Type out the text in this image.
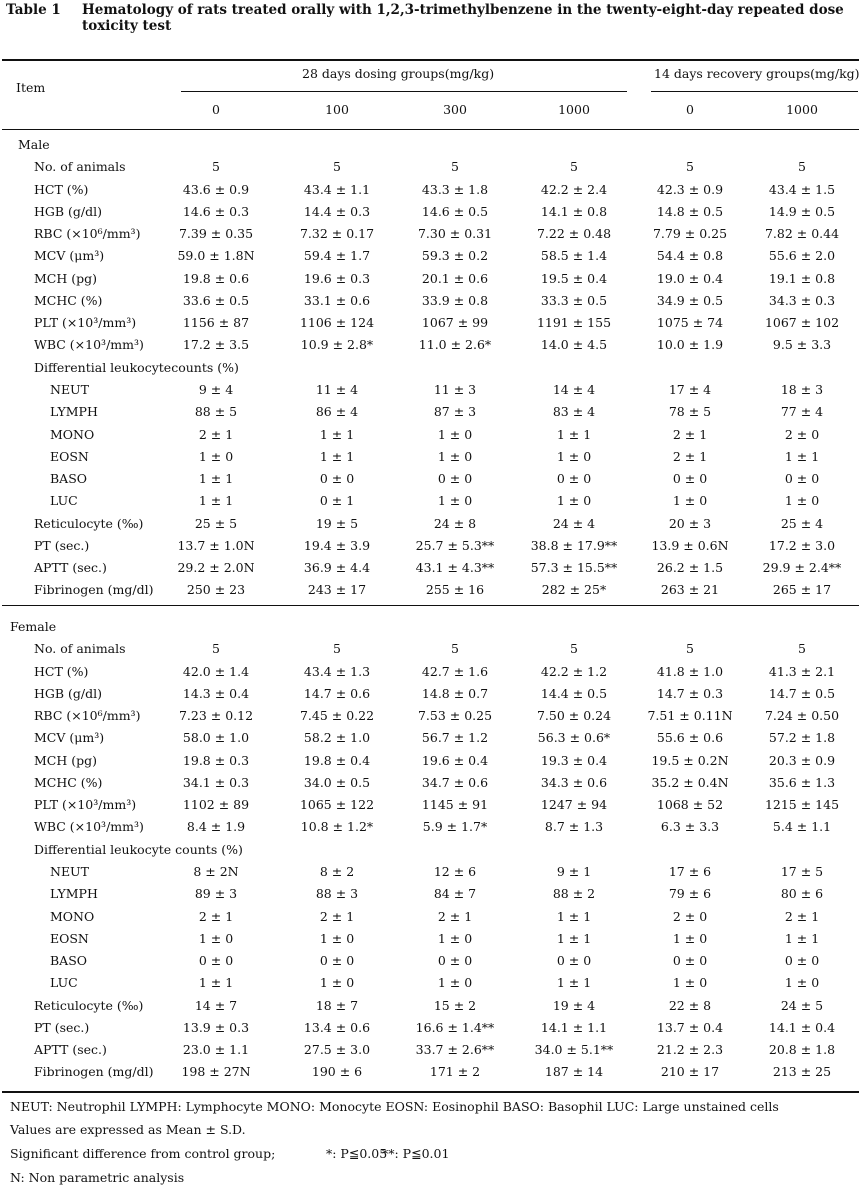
Table 1	Hematology of rats treated orally with 1,2,3-trimethylbenzene in the twenty-eight-day repeated dose toxicity test
Item
28 days dosing groups(mg/kg)	14 days recovery groups(mg/kg)
0	100	300	1000	0	1000
Male
No. of animals	5	5	5	5	5	5
HCT (%)	43.6 ± 0.9	43.4 ± 1.1	43.3 ± 1.8	42.2 ± 2.4	42.3 ± 0.9	43.4 ± 1.5
HGB (g/dl)	14.6 ± 0.3	14.4 ± 0.3	14.6 ± 0.5	14.1 ± 0.8	14.8 ± 0.5	14.9 ± 0.5
RBC (×10⁶/mm³)	7.39 ± 0.35	7.32 ± 0.17	7.30 ± 0.31	7.22 ± 0.48	7.79 ± 0.25	7.82 ± 0.44
MCV (μm³)	59.0 ± 1.8N	59.4 ± 1.7	59.3 ± 0.2	58.5 ± 1.4	54.4 ± 0.8	55.6 ± 2.0
MCH (pg)	19.8 ± 0.6	19.6 ± 0.3	20.1 ± 0.6	19.5 ± 0.4	19.0 ± 0.4	19.1 ± 0.8
MCHC (%)	33.6 ± 0.5	33.1 ± 0.6	33.9 ± 0.8	33.3 ± 0.5	34.9 ± 0.5	34.3 ± 0.3
PLT (×10³/mm³)	1156 ± 87	1106 ± 124	1067 ± 99	1191 ± 155	1075 ± 74	1067 ± 102
WBC (×10³/mm³)	17.2 ± 3.5	10.9 ± 2.8*	11.0 ± 2.6*	14.0 ± 4.5	10.0 ± 1.9	9.5 ± 3.3
Differential leukocytecounts (%)
NEUT	9 ± 4	11 ± 4	11 ± 3	14 ± 4	17 ± 4	18 ± 3
LYMPH	88 ± 5	86 ± 4	87 ± 3	83 ± 4	78 ± 5	77 ± 4
MONO	2 ± 1	1 ± 1	1 ± 0	1 ± 1	2 ± 1	2 ± 0
EOSN	1 ± 0	1 ± 1	1 ± 0	1 ± 0	2 ± 1	1 ± 1
BASO	1 ± 1	0 ± 0	0 ± 0	0 ± 0	0 ± 0	0 ± 0
LUC	1 ± 1	0 ± 1	1 ± 0	1 ± 0	1 ± 0	1 ± 0
Reticulocyte (‰)	25 ± 5	19 ± 5	24 ± 8	24 ± 4	20 ± 3	25 ± 4
PT (sec.)	13.7 ± 1.0N	19.4 ± 3.9	25.7 ± 5.3**	38.8 ± 17.9**	13.9 ± 0.6N	17.2 ± 3.0
APTT (sec.)	29.2 ± 2.0N	36.9 ± 4.4	43.1 ± 4.3**	57.3 ± 15.5**	26.2 ± 1.5	29.9 ± 2.4**
Fibrinogen (mg/dl)	250 ± 23	243 ± 17	255 ± 16	282 ± 25*	263 ± 21	265 ± 17
Female
No. of animals	5	5	5	5	5	5
HCT (%)	42.0 ± 1.4	43.4 ± 1.3	42.7 ± 1.6	42.2 ± 1.2	41.8 ± 1.0	41.3 ± 2.1
HGB (g/dl)	14.3 ± 0.4	14.7 ± 0.6	14.8 ± 0.7	14.4 ± 0.5	14.7 ± 0.3	14.7 ± 0.5
RBC (×10⁶/mm³)	7.23 ± 0.12	7.45 ± 0.22	7.53 ± 0.25	7.50 ± 0.24	7.51 ± 0.11N	7.24 ± 0.50
MCV (μm³)	58.0 ± 1.0	58.2 ± 1.0	56.7 ± 1.2	56.3 ± 0.6*	55.6 ± 0.6	57.2 ± 1.8
MCH (pg)	19.8 ± 0.3	19.8 ± 0.4	19.6 ± 0.4	19.3 ± 0.4	19.5 ± 0.2N	20.3 ± 0.9
MCHC (%)	34.1 ± 0.3	34.0 ± 0.5	34.7 ± 0.6	34.3 ± 0.6	35.2 ± 0.4N	35.6 ± 1.3
PLT (×10³/mm³)	1102 ± 89	1065 ± 122	1145 ± 91	1247 ± 94	1068 ± 52	1215 ± 145
WBC (×10³/mm³)	8.4 ± 1.9	10.8 ± 1.2*	5.9 ± 1.7*	8.7 ± 1.3	6.3 ± 3.3	5.4 ± 1.1
Differential leukocyte counts (%)
NEUT	8 ± 2N	8 ± 2	12 ± 6	9 ± 1	17 ± 6	17 ± 5
LYMPH	89 ± 3	88 ± 3	84 ± 7	88 ± 2	79 ± 6	80 ± 6
MONO	2 ± 1	2 ± 1	2 ± 1	1 ± 1	2 ± 0	2 ± 1
EOSN	1 ± 0	1 ± 0	1 ± 0	1 ± 1	1 ± 0	1 ± 1
BASO	0 ± 0	0 ± 0	0 ± 0	0 ± 0	0 ± 0	0 ± 0
LUC	1 ± 1	1 ± 0	1 ± 0	1 ± 1	1 ± 0	1 ± 0
Reticulocyte (‰)	14 ± 7	18 ± 7	15 ± 2	19 ± 4	22 ± 8	24 ± 5
PT (sec.)	13.9 ± 0.3	13.4 ± 0.6	16.6 ± 1.4**	14.1 ± 1.1	13.7 ± 0.4	14.1 ± 0.4
APTT (sec.)	23.0 ± 1.1	27.5 ± 3.0	33.7 ± 2.6**	34.0 ± 5.1**	21.2 ± 2.3	20.8 ± 1.8
Fibrinogen (mg/dl)	198 ± 27N	190 ± 6	171 ± 2	187 ± 14	210 ± 17	213 ± 25
NEUT: Neutrophil LYMPH: Lymphocyte MONO: Monocyte EOSN: Eosinophil BASO: Basophil LUC: Large unstained cells
Values are expressed as Mean ± S.D.
Significant difference from control group;	*: P≦0.05
**: P≦0.01
N: Non parametric analysis
